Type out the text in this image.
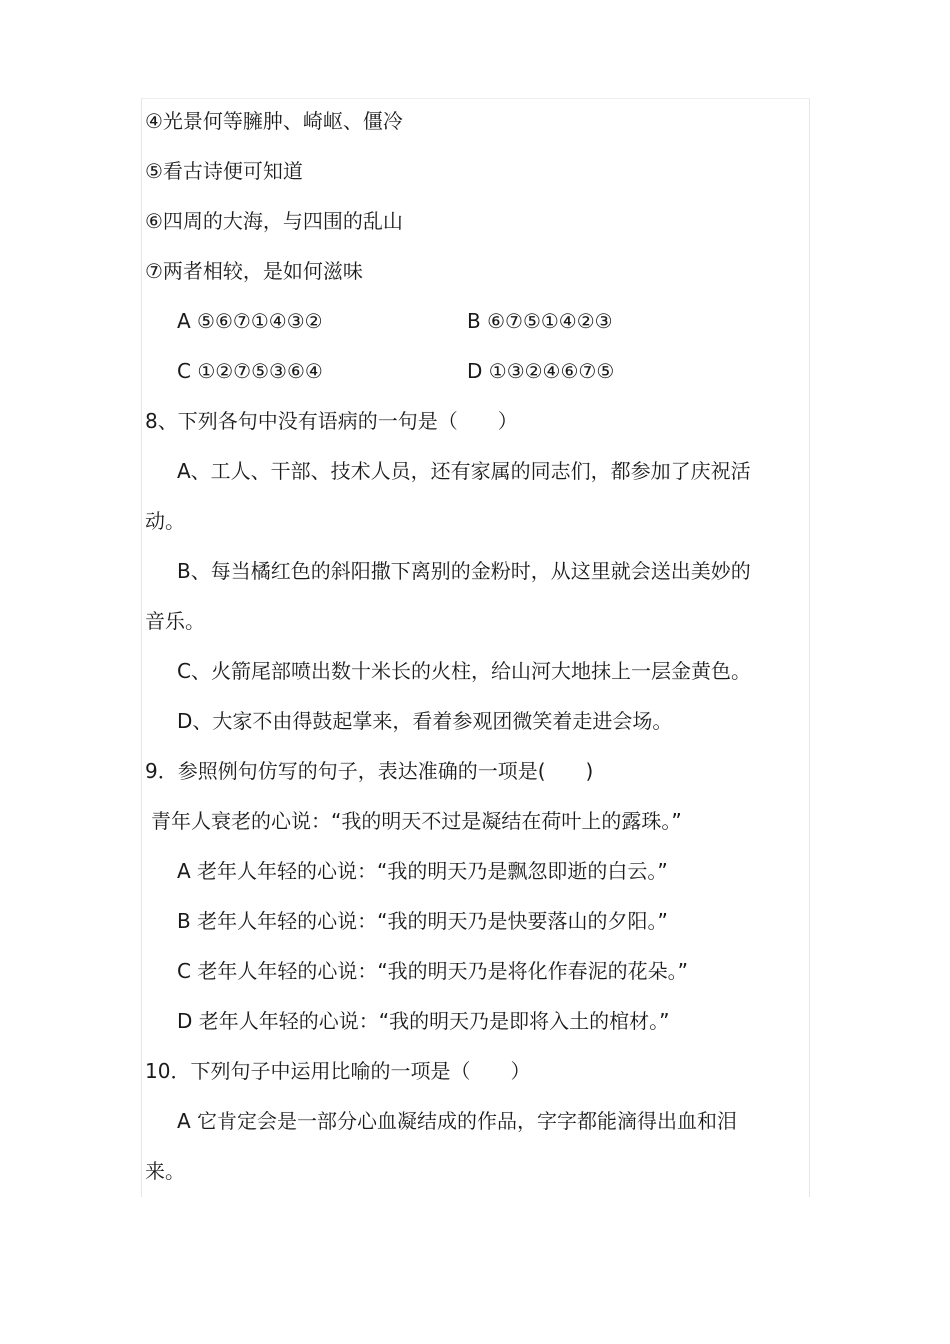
④光景何等臃肿、崎岖、僵冷
⑤看古诗便可知道
⑥四周的大海，与四围的乱山
⑦两者相较，是如何滋味
A ⑤⑥⑦①④③②	B ⑥⑦⑤①④②③
C ①②⑦⑤③⑥④	D ①③②④⑥⑦⑤
8、下列各句中没有语病的一句是（　　）
A、工人、干部、技术人员，还有家属的同志们，都参加了庆祝活
动。
B、每当橘红色的斜阳撒下离别的金粉时，从这里就会送出美妙的
音乐。
C、火箭尾部喷出数十米长的火柱，给山河大地抹上一层金黄色。
D、大家不由得鼓起掌来，看着参观团微笑着走进会场。
9．参照例句仿写的句子，表达准确的一项是(　　)
青年人衰老的心说：“我的明天不过是凝结在荷叶上的露珠。”
A 老年人年轻的心说：“我的明天乃是飘忽即逝的白云。”
B 老年人年轻的心说：“我的明天乃是快要落山的夕阳。”
C 老年人年轻的心说：“我的明天乃是将化作春泥的花朵。”
D 老年人年轻的心说：“我的明天乃是即将入土的棺材。”
10．下列句子中运用比喻的一项是（　　）
A 它肯定会是一部分心血凝结成的作品，字字都能滴得出血和泪
来。
